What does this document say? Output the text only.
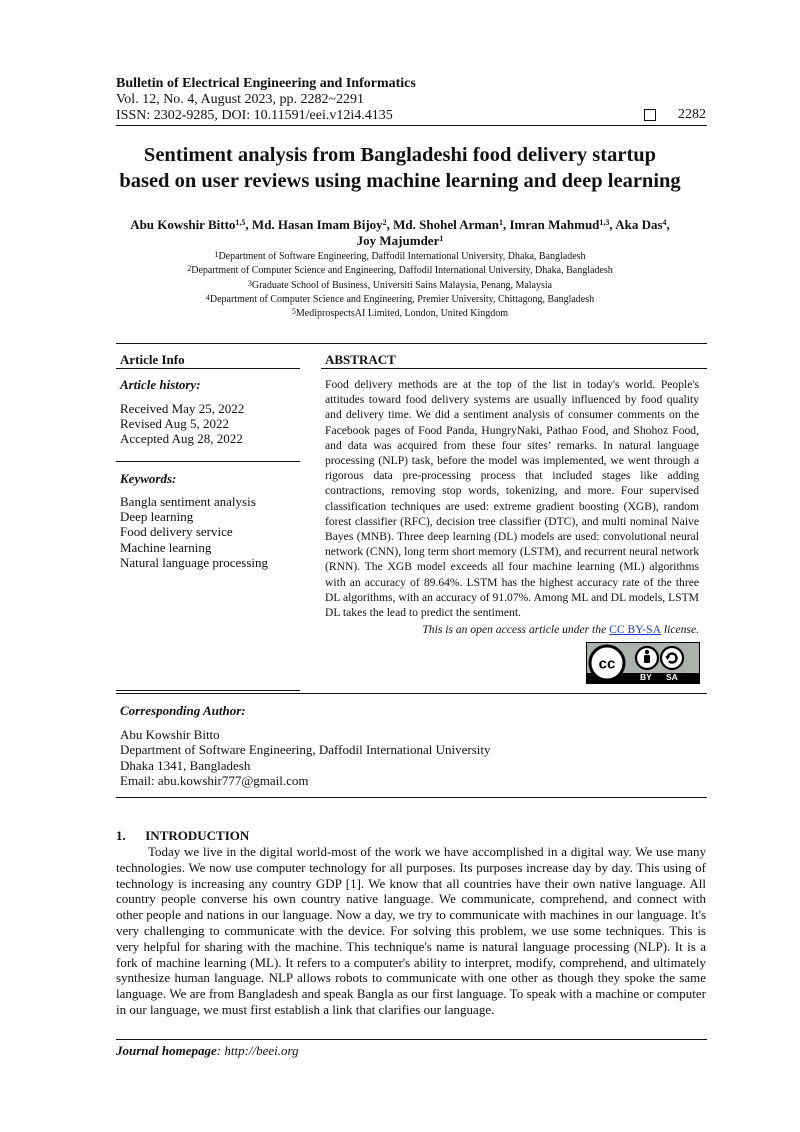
Bulletin of Electrical Engineering and Informatics
Vol. 12, No. 4, August 2023, pp. 2282~2291
ISSN: 2302-9285, DOI: 10.11591/eei.v12i4.4135	2282
Sentiment analysis from Bangladeshi food delivery startup
based on user reviews using machine learning and deep learning
Abu Kowshir Bitto$^{1,5}$, Md. Hasan Imam Bijoy$^2$, Md. Shohel Arman$^1$, Imran Mahmud$^{1,3}$, Aka Das$^4$,
Joy Majumder$^1$
$^1$Department of Software Engineering, Daffodil International University, Dhaka, Bangladesh
$^2$Department of Computer Science and Engineering, Daffodil International University, Dhaka, Bangladesh
$^3$Graduate School of Business, Universiti Sains Malaysia, Penang, Malaysia
$^4$Department of Computer Science and Engineering, Premier University, Chittagong, Bangladesh
$^5$MediprospectsAI Limited, London, United Kingdom
Article Info	ABSTRACT
Article history:
Received May 25, 2022
Revised Aug 5, 2022
Accepted Aug 28, 2022
Keywords:
Bangla sentiment analysis
Deep learning
Food delivery service
Machine learning
Natural language processing
Food delivery methods are at the top of the list in today's world. People's attitudes toward food delivery systems are usually influenced by food quality and delivery time. We did a sentiment analysis of consumer comments on the Facebook pages of Food Panda, HungryNaki, Pathao Food, and Shohoz Food, and data was acquired from these four sites’ remarks. In natural language processing (NLP) task, before the model was implemented, we went through a rigorous data pre-processing process that included stages like adding contractions, removing stop words, tokenizing, and more. Four supervised classification techniques are used: extreme gradient boosting (XGB), random forest classifier (RFC), decision tree classifier (DTC), and multi nominal Naive Bayes (MNB). Three deep learning (DL) models are used: convolutional neural network (CNN), long term short memory (LSTM), and recurrent neural network (RNN). The XGB model exceeds all four machine learning (ML) algorithms with an accuracy of 89.64%. LSTM has the highest accuracy rate of the three DL algorithms, with an accuracy of 91.07%. Among ML and DL models, LSTM DL takes the lead to predict the sentiment.
This is an open access article under the CC BY-SA license.
cc
BY SA
Corresponding Author:
Abu Kowshir Bitto
Department of Software Engineering, Daffodil International University
Dhaka 1341, Bangladesh
Email: abu.kowshir777@gmail.com
1.      INTRODUCTION
Today we live in the digital world-most of the work we have accomplished in a digital way. We use many technologies. We now use computer technology for all purposes. Its purposes increase day by day. This using of technology is increasing any country GDP [1]. We know that all countries have their own native language. All country people converse his own country native language. We communicate, comprehend, and connect with other people and nations in our language. Now a day, we try to communicate with machines in our language. It's very challenging to communicate with the device. For solving this problem, we use some techniques. This is very helpful for sharing with the machine. This technique's name is natural language processing (NLP). It is a fork of machine learning (ML). It refers to a computer's ability to interpret, modify, comprehend, and ultimately synthesize human language. NLP allows robots to communicate with one other as though they spoke the same language. We are from Bangladesh and speak Bangla as our first language. To speak with a machine or computer in our language, we must first establish a link that clarifies our language.
Journal homepage: http://beei.org
